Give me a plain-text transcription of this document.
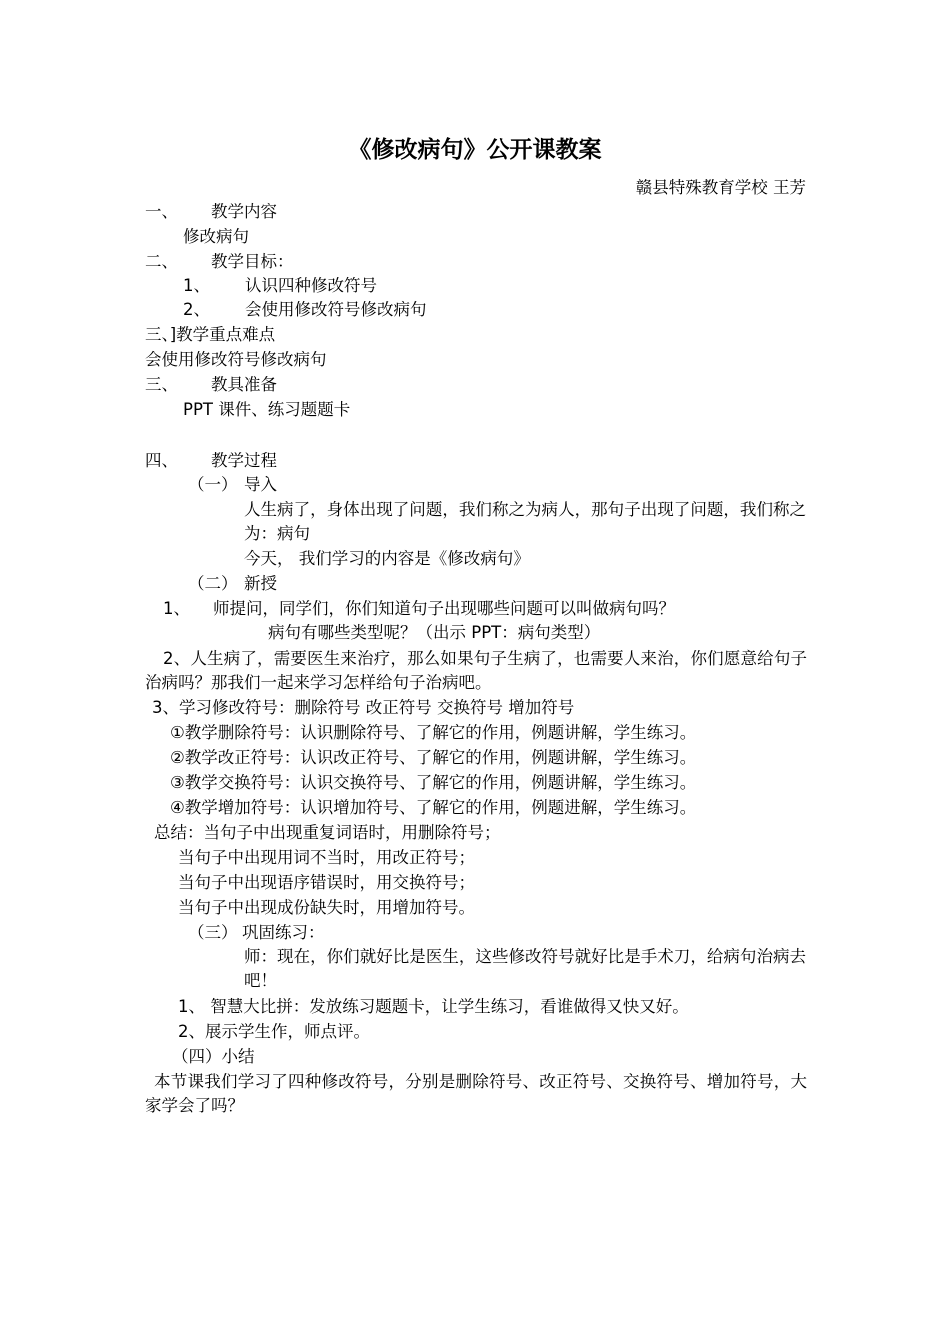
《修改病句》公开课教案
赣县特殊教育学校 王芳
一、 教学内容
修改病句
二、 教学目标：
1、 认识四种修改符号
2、 会使用修改符号修改病句
三、]教学重点难点
会使用修改符号修改病句
三、 教具准备
PPT 课件、练习题题卡
四、 教学过程
（一） 导入
人生病了，身体出现了问题，我们称之为病人，那句子出现了问题，我们称之为：病句
今天， 我们学习的内容是《修改病句》
（二） 新授
1、 师提问，同学们，你们知道句子出现哪些问题可以叫做病句吗？
病句有哪些类型呢？（出示 PPT：病句类型）
2、人生病了，需要医生来治疗，那么如果句子生病了，也需要人来治，你们愿意给句子治病吗？那我们一起来学习怎样给句子治病吧。
3、学习修改符号：删除符号 改正符号 交换符号 增加符号
①教学删除符号：认识删除符号、了解它的作用，例题讲解，学生练习。
②教学改正符号：认识改正符号、了解它的作用，例题讲解，学生练习。
③教学交换符号：认识交换符号、了解它的作用，例题讲解，学生练习。
④教学增加符号：认识增加符号、了解它的作用，例题进解，学生练习。
总结：当句子中出现重复词语时，用删除符号；
当句子中出现用词不当时，用改正符号；
当句子中出现语序错误时，用交换符号；
当句子中出现成份缺失时，用增加符号。
（三） 巩固练习：
师：现在，你们就好比是医生，这些修改符号就好比是手术刀，给病句治病去吧！
1、 智慧大比拼：发放练习题题卡，让学生练习，看谁做得又快又好。
2、展示学生作，师点评。
（四）小结
本节课我们学习了四种修改符号，分别是删除符号、改正符号、交换符号、增加符号，大家学会了吗？
